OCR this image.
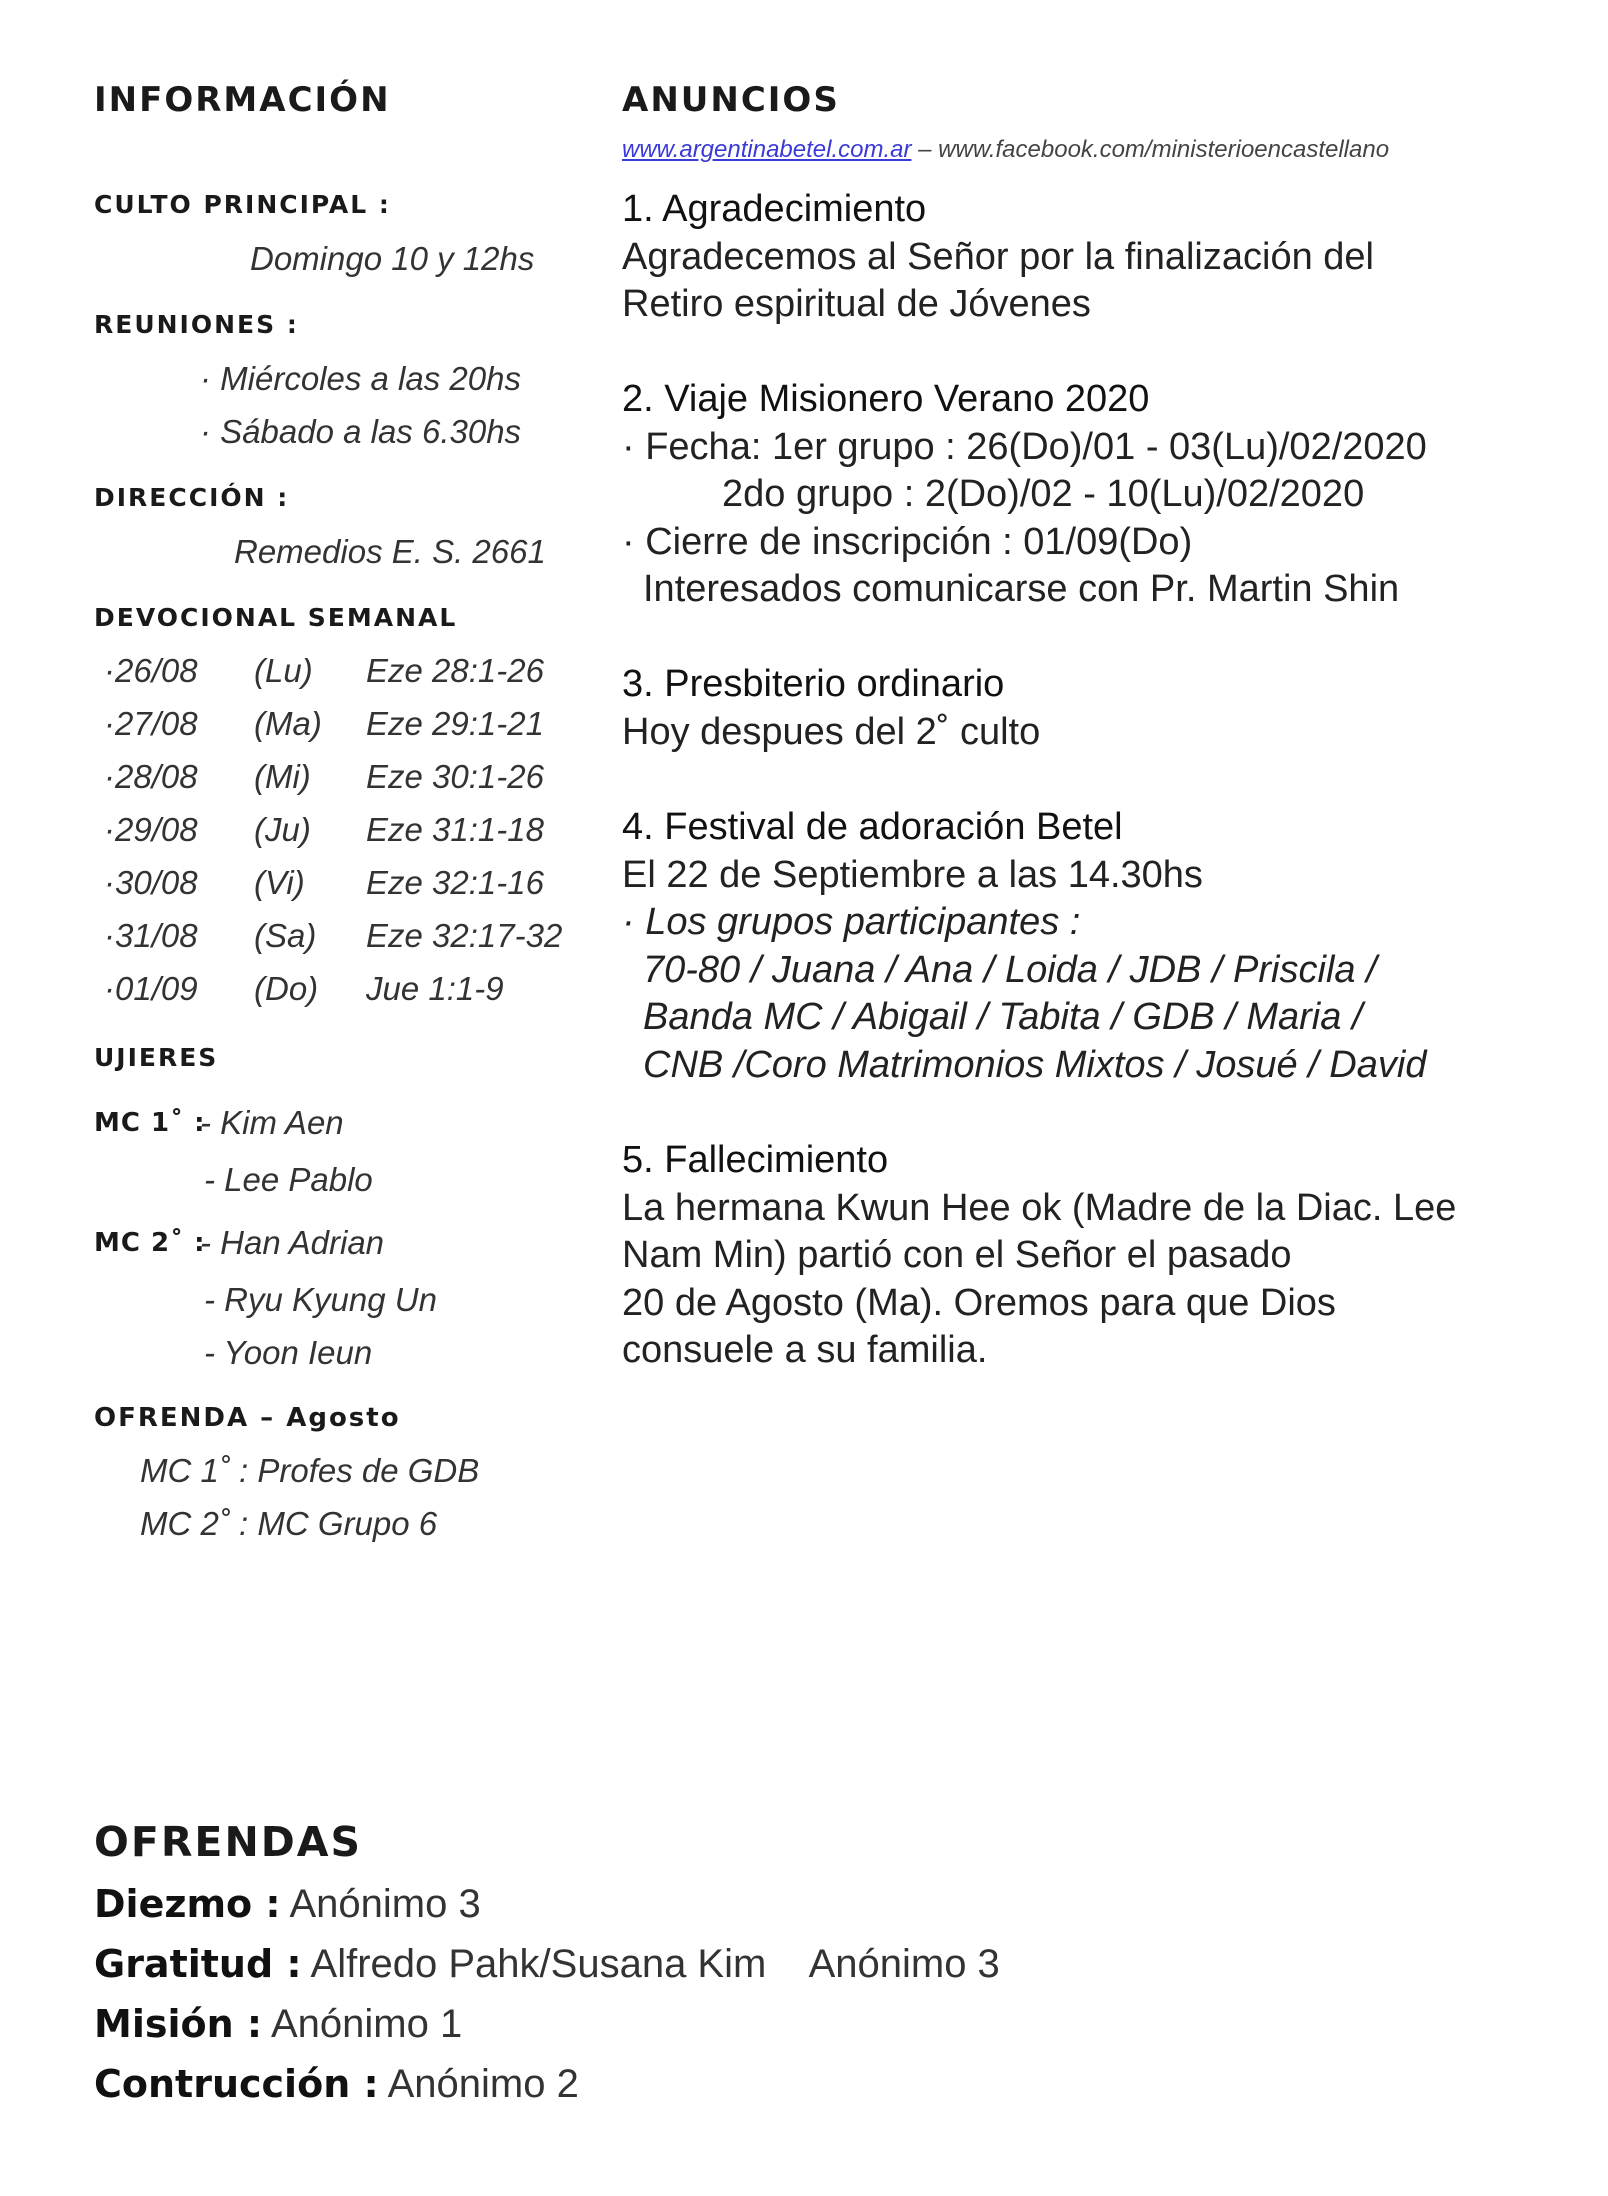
INFORMACIÓN
CULTO PRINCIPAL :
Domingo 10 y 12hs
REUNIONES :
· Miércoles a las 20hs
· Sábado a las 6.30hs
DIRECCIÓN :
Remedios E. S. 2661
DEVOCIONAL SEMANAL
·26/08 (Lu) Eze 28:1-26
·27/08 (Ma) Eze 29:1-21
·28/08 (Mi) Eze 30:1-26
·29/08 (Ju) Eze 31:1-18
·30/08 (Vi) Eze 32:1-16
·31/08 (Sa) Eze 32:17-32
·01/09 (Do) Jue 1:1-9
UJIERES
MC 1˚ :
- Kim Aen
- Lee Pablo
MC 2˚ :
- Han Adrian
- Ryu Kyung Un
- Yoon Ieun
OFRENDA – Agosto
MC 1˚ : Profes de GDB
MC 2˚ : MC Grupo 6
ANUNCIOS
www.argentinabetel.com.ar – www.facebook.com/ministerioencastellano
1. Agradecimiento
Agradecemos al Señor por la finalización del
Retiro espiritual de Jóvenes
2. Viaje Misionero Verano 2020
· Fecha: 1er grupo : 26(Do)/01 - 03(Lu)/02/2020
2do grupo : 2(Do)/02 - 10(Lu)/02/2020
· Cierre de inscripción : 01/09(Do)
Interesados comunicarse con Pr. Martin Shin
3. Presbiterio ordinario
Hoy despues del 2˚ culto
4. Festival de adoración Betel
El 22 de Septiembre a las 14.30hs
· Los grupos participantes :
70-80 / Juana / Ana / Loida / JDB / Priscila /
Banda MC / Abigail / Tabita / GDB / Maria /
CNB /Coro Matrimonios Mixtos / Josué / David
5. Fallecimiento
La hermana Kwun Hee ok (Madre de la Diac. Lee
Nam Min) partió con el Señor el pasado
20 de Agosto (Ma). Oremos para que Dios
consuele a su familia.
OFRENDAS
Diezmo : Anónimo 3
Gratitud : Alfredo Pahk/Susana Kim    Anónimo 3
Misión : Anónimo 1
Contrucción : Anónimo 2
